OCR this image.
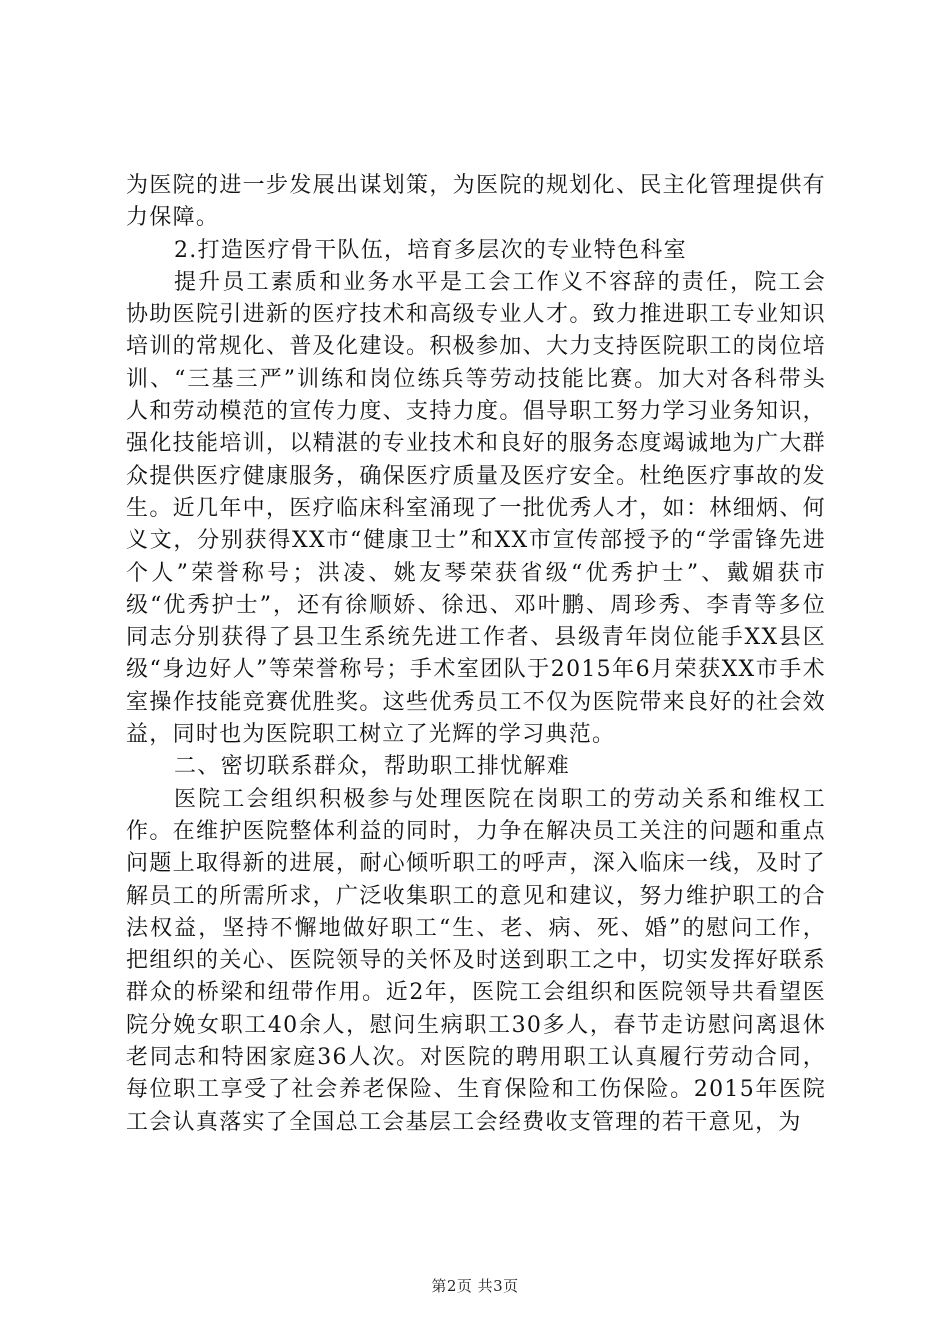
为医院的进一步发展出谋划策，为医院的规划化、民主化管理提供有力保障。

2.打造医疗骨干队伍，培育多层次的专业特色科室

提升员工素质和业务水平是工会工作义不容辞的责任，院工会协助医院引进新的医疗技术和高级专业人才。致力推进职工专业知识培训的常规化、普及化建设。积极参加、大力支持医院职工的岗位培训、“三基三严”训练和岗位练兵等劳动技能比赛。加大对各科带头人和劳动模范的宣传力度、支持力度。倡导职工努力学习业务知识，强化技能培训，以精湛的专业技术和良好的服务态度竭诚地为广大群众提供医疗健康服务，确保医疗质量及医疗安全。杜绝医疗事故的发生。近几年中，医疗临床科室涌现了一批优秀人才，如：林细炳、何义文，分别获得XX市“健康卫士”和XX市宣传部授予的“学雷锋先进个人”荣誉称号；洪凌、姚友琴荣获省级“优秀护士”、戴媚获市级“优秀护士”，还有徐顺娇、徐迅、邓叶鹏、周珍秀、李青等多位同志分别获得了县卫生系统先进工作者、县级青年岗位能手XX县区级“身边好人”等荣誉称号；手术室团队于2015年6月荣获XX市手术室操作技能竞赛优胜奖。这些优秀员工不仅为医院带来良好的社会效益，同时也为医院职工树立了光辉的学习典范。

二、密切联系群众，帮助职工排忧解难

医院工会组织积极参与处理医院在岗职工的劳动关系和维权工作。在维护医院整体利益的同时，力争在解决员工关注的问题和重点问题上取得新的进展，耐心倾听职工的呼声，深入临床一线，及时了解员工的所需所求，广泛收集职工的意见和建议，努力维护职工的合法权益，坚持不懈地做好职工“生、老、病、死、婚”的慰问工作，把组织的关心、医院领导的关怀及时送到职工之中，切实发挥好联系群众的桥梁和纽带作用。近2年，医院工会组织和医院领导共看望医院分娩女职工40余人，慰问生病职工30多人，春节走访慰问离退休老同志和特困家庭36人次。对医院的聘用职工认真履行劳动合同，每位职工享受了社会养老保险、生育保险和工伤保险。2015年医院工会认真落实了全国总工会基层工会经费收支管理的若干意见，为

第2页 共3页
